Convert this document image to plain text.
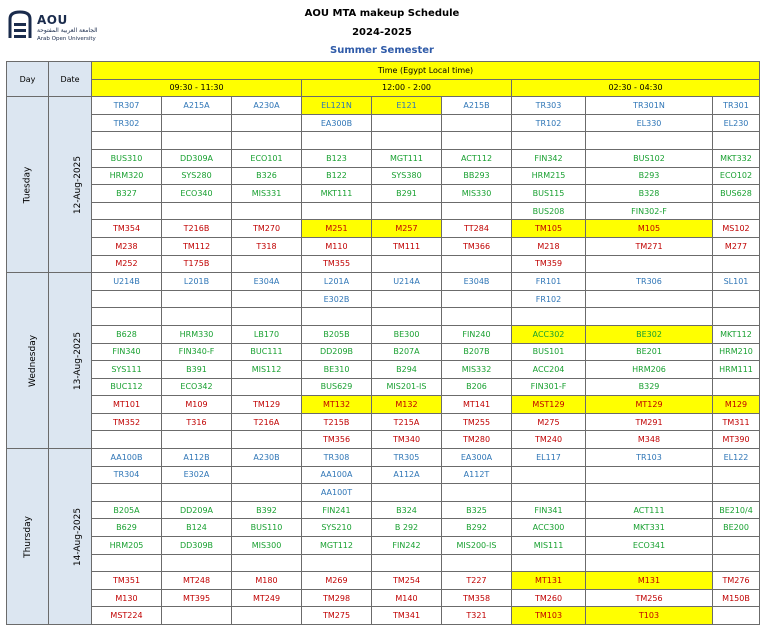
AOU
الجامعة العربية المفتوحة
Arab Open University
AOU MTA makeup Schedule
2024-2025
Summer Semester
Day	Date	Time (Egypt Local time)								
		09:30 - 11:30			12:00 - 2:00			02:30 - 04:30		
Tuesday	12-Aug-2025	TR307	A215A	A230A	EL121N	E121	A215B	TR303	TR301N	TR301
		TR302			EA300B			TR102	EL330	EL230

		BUS310	DD309A	ECO101	B123	MGT111	ACT112	FIN342	BUS102	MKT332
		HRM320	SYS280	B326	B122	SYS380	BB293	HRM215	B293	ECO102
		B327	ECO340	MIS331	MKT111	B291	MIS330	BUS115	B328	BUS628
								BUS208	FIN302-F	
		TM354	T216B	TM270	M251	M257	TT284	TM105	M105	MS102
		M238	TM112	T318	M110	TM111	TM366	M218	TM271	M277
		M252	T175B		TM355			TM359		
Wednesday	13-Aug-2025	U214B	L201B	E304A	L201A	U214A	E304B	FR101	TR306	SL101
					E302B			FR102		

		B628	HRM330	LB170	B205B	BE300	FIN240	ACC302	BE302	MKT112
		FIN340	FIN340-F	BUC111	DD209B	B207A	B207B	BUS101	BE201	HRM210
		SYS111	B391	MIS112	BE310	B294	MIS332	ACC204	HRM206	HRM111
		BUC112	ECO342		BUS629	MIS201-IS	B206	FIN301-F	B329	
		MT101	M109	TM129	MT132	M132	MT141	MST129	MT129	M129
		TM352	T316	T216A	T215B	T215A	TM255	M275	TM291	TM311
					TM356	TM340	TM280	TM240	M348	MT390
Thursday	14-Aug-2025	AA100B	A112B	A230B	TR308	TR305	EA300A	EL117	TR103	EL122
		TR304	E302A		AA100A	A112A	A112T			
					AA100T					
		B205A	DD209A	B392	FIN241	B324	B325	FIN341	ACT111	BE210/4
		B629	B124	BUS110	SYS210	B 292	B292	ACC300	MKT331	BE200
		HRM205	DD309B	MIS300	MGT112	FIN242	MIS200-IS	MIS111	ECO341	

		TM351	MT248	M180	M269	TM254	T227	MT131	M131	TM276
		M130	MT395	MT249	TM298	M140	TM358	TM260	TM256	M150B
		MST224			TM275	TM341	T321	TM103	T103	
